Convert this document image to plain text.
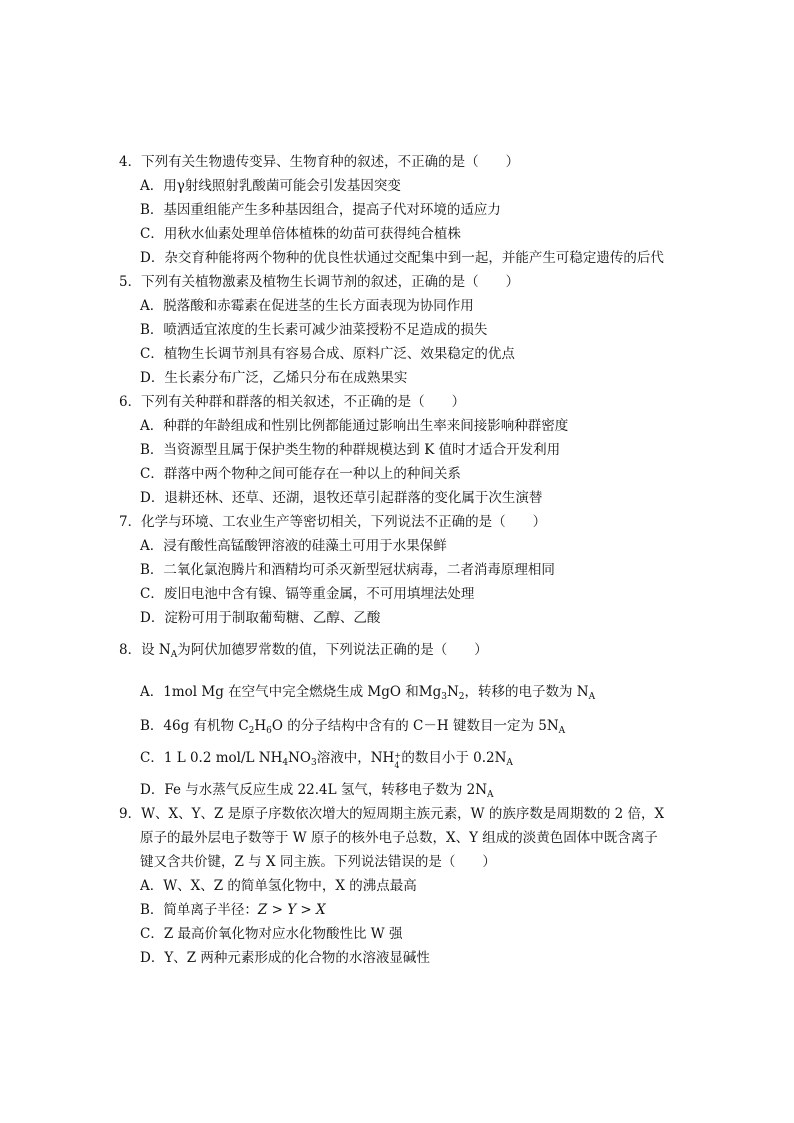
4．下列有关生物遗传变异、生物育种的叙述，不正确的是（　　）
A．用γ射线照射乳酸菌可能会引发基因突变
B．基因重组能产生多种基因组合，提高子代对环境的适应力
C．用秋水仙素处理单倍体植株的幼苗可获得纯合植株
D．杂交育种能将两个物种的优良性状通过交配集中到一起，并能产生可稳定遗传的后代
5．下列有关植物激素及植物生长调节剂的叙述，正确的是（　　）
A．脱落酸和赤霉素在促进茎的生长方面表现为协同作用
B．喷洒适宜浓度的生长素可减少油菜授粉不足造成的损失
C．植物生长调节剂具有容易合成、原料广泛、效果稳定的优点
D．生长素分布广泛，乙烯只分布在成熟果实
6．下列有关种群和群落的相关叙述，不正确的是（　　）
A．种群的年龄组成和性别比例都能通过影响出生率来间接影响种群密度
B．当资源型且属于保护类生物的种群规模达到 K 值时才适合开发利用
C．群落中两个物种之间可能存在一种以上的种间关系
D．退耕还林、还草、还湖，退牧还草引起群落的变化属于次生演替
7．化学与环境、工农业生产等密切相关，下列说法不正确的是（　　）
A．浸有酸性高锰酸钾溶液的硅藻土可用于水果保鲜
B．二氧化氯泡腾片和酒精均可杀灭新型冠状病毒，二者消毒原理相同
C．废旧电池中含有镍、镉等重金属，不可用填埋法处理
D．淀粉可用于制取葡萄糖、乙醇、乙酸
8．设 $N_A$为阿伏加德罗常数的值，下列说法正确的是（　　）
A．1mol Mg 在空气中完全燃烧生成 MgO 和$Mg_3N_2$，转移的电子数为 $N_A$
B．46g 有机物 $C_2H_6O$ 的分子结构中含有的 C－H 键数目一定为 $5N_A$
C．1 L 0.2 mol/L $NH_4NO_3$溶液中，NH +
4 的数目小于 $0.2N_A$
D．Fe 与水蒸气反应生成 22.4L 氢气，转移电子数为 $2N_A$
9．W、X、Y、Z 是原子序数依次增大的短周期主族元素，W 的族序数是周期数的 2 倍，X
原子的最外层电子数等于 W 原子的核外电子总数，X、Y 组成的淡黄色固体中既含离子
键又含共价键，Z 与 X 同主族。下列说法错误的是（　　）
A．W、X、Z 的简单氢化物中，X 的沸点最高
B．简单离子半径：Z > Y > X
C．Z 最高价氧化物对应水化物酸性比 W 强
D．Y、Z 两种元素形成的化合物的水溶液显碱性
